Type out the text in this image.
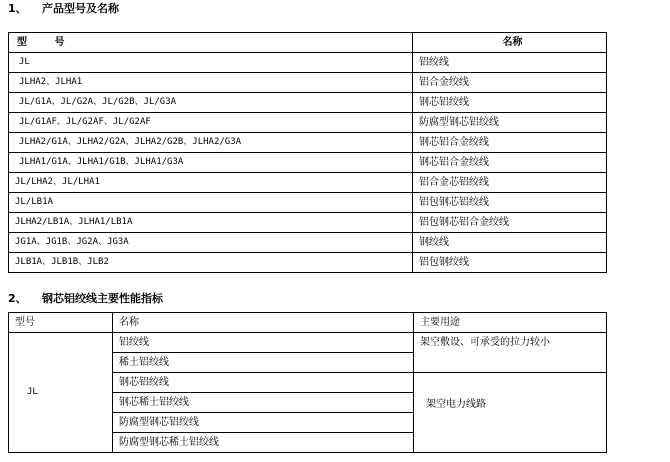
1、 产品型号及名称
型 号	名称
JL	铝绞线
JLHA2、JLHA1	铝合金绞线
JL/G1A、JL/G2A、JL/G2B、JL/G3A	钢芯铝绞线
JL/G1AF、JL/G2AF、JL/G2AF	防腐型钢芯铝绞线
JLHA2/G1A、JLHA2/G2A、JLHA2/G2B、JLHA2/G3A	钢芯铝合金绞线
JLHA1/G1A、JLHA1/G1B、JLHA1/G3A	钢芯铝合金绞线
JL/LHA2、JL/LHA1	铝合金芯铝绞线
JL/LB1A	铝包钢芯铝绞线
JLHA2/LB1A、JLHA1/LB1A	铝包钢芯铝合金绞线
JG1A、JG1B、JG2A、JG3A	钢绞线
JLB1A、JLB1B、JLB2	铝包钢绞线
2、 钢芯铝绞线主要性能指标
型号	名称	主要用途
JL	铝绞线	架空敷设、可承受的拉力较小
	稀土铝绞线	
	钢芯铝绞线	架空电力线路
	钢芯稀土铝绞线	
	防腐型钢芯铝绞线	
	防腐型钢芯稀土铝绞线	
